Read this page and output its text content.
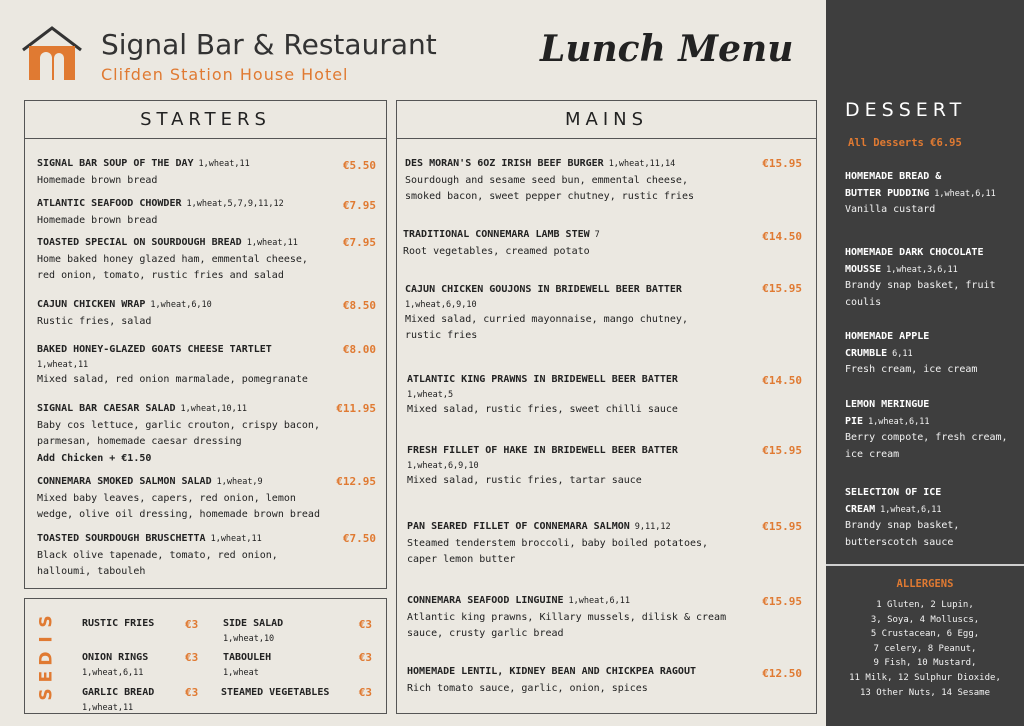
Signal Bar & Restaurant
Clifden Station House Hotel
Lunch Menu
STARTERS
SIGNAL BAR SOUP OF THE DAY 1,wheat,11
Homemade brown bread
€5.50
ATLANTIC SEAFOOD CHOWDER 1,wheat,5,7,9,11,12
Homemade brown bread
€7.95
TOASTED SPECIAL ON SOURDOUGH BREAD 1,wheat,11
Home baked honey glazed ham, emmental cheese,
red onion, tomato, rustic fries and salad
€7.95
CAJUN CHICKEN WRAP 1,wheat,6,10
Rustic fries, salad
€8.50
BAKED HONEY-GLAZED GOATS CHEESE TARTLET
1,wheat,11
Mixed salad, red onion marmalade, pomegranate
€8.00
SIGNAL BAR CAESAR SALAD 1,wheat,10,11
Baby cos lettuce, garlic crouton, crispy bacon,
parmesan, homemade caesar dressing
Add Chicken + €1.50
€11.95
CONNEMARA SMOKED SALMON SALAD 1,wheat,9
Mixed baby leaves, capers, red onion, lemon
wedge, olive oil dressing, homemade brown bread
€12.95
TOASTED SOURDOUGH BRUSCHETTA 1,wheat,11
Black olive tapenade, tomato, red onion,
halloumi, tabouleh
€7.50
S
I
D
E
S
RUSTIC FRIES	€3 SIDE SALAD
1,wheat,10
€3
ONION RINGS
1,wheat,6,11
€3 TABOULEH
1,wheat
€3
GARLIC BREAD
1,wheat,11
€3 STEAMED VEGETABLES	€3
MAINS
DES MORAN'S 6OZ IRISH BEEF BURGER 1,wheat,11,14
Sourdough and sesame seed bun, emmental cheese,
smoked bacon, sweet pepper chutney, rustic fries
€15.95
TRADITIONAL CONNEMARA LAMB STEW 7
Root vegetables, creamed potato
€14.50
CAJUN CHICKEN GOUJONS IN BRIDEWELL BEER BATTER
1,wheat,6,9,10
Mixed salad, curried mayonnaise, mango chutney,
rustic fries
€15.95
ATLANTIC KING PRAWNS IN BRIDEWELL BEER BATTER
1,wheat,5
Mixed salad, rustic fries, sweet chilli sauce
€14.50
FRESH FILLET OF HAKE IN BRIDEWELL BEER BATTER
1,wheat,6,9,10
Mixed salad, rustic fries, tartar sauce
€15.95
PAN SEARED FILLET OF CONNEMARA SALMON 9,11,12
Steamed tenderstem broccoli, baby boiled potatoes,
caper lemon butter
€15.95
CONNEMARA SEAFOOD LINGUINE 1,wheat,6,11
Atlantic king prawns, Killary mussels, dilisk & cream
sauce, crusty garlic bread
€15.95
HOMEMADE LENTIL, KIDNEY BEAN AND CHICKPEA RAGOUT
Rich tomato sauce, garlic, onion, spices
€12.50
DESSERT
All Desserts €6.95
HOMEMADE BREAD &
BUTTER PUDDING 1,wheat,6,11
Vanilla custard
HOMEMADE DARK CHOCOLATE
MOUSSE 1,wheat,3,6,11
Brandy snap basket, fruit
coulis
HOMEMADE APPLE
CRUMBLE 6,11
Fresh cream, ice cream
LEMON MERINGUE
PIE 1,wheat,6,11
Berry compote, fresh cream,
ice cream
SELECTION OF ICE
CREAM 1,wheat,6,11
Brandy snap basket,
butterscotch sauce
ALLERGENS
1 Gluten, 2 Lupin,
3, Soya, 4 Molluscs,
5 Crustacean, 6 Egg,
7 celery, 8 Peanut,
9 Fish, 10 Mustard,
11 Milk, 12 Sulphur Dioxide,
13 Other Nuts, 14 Sesame
